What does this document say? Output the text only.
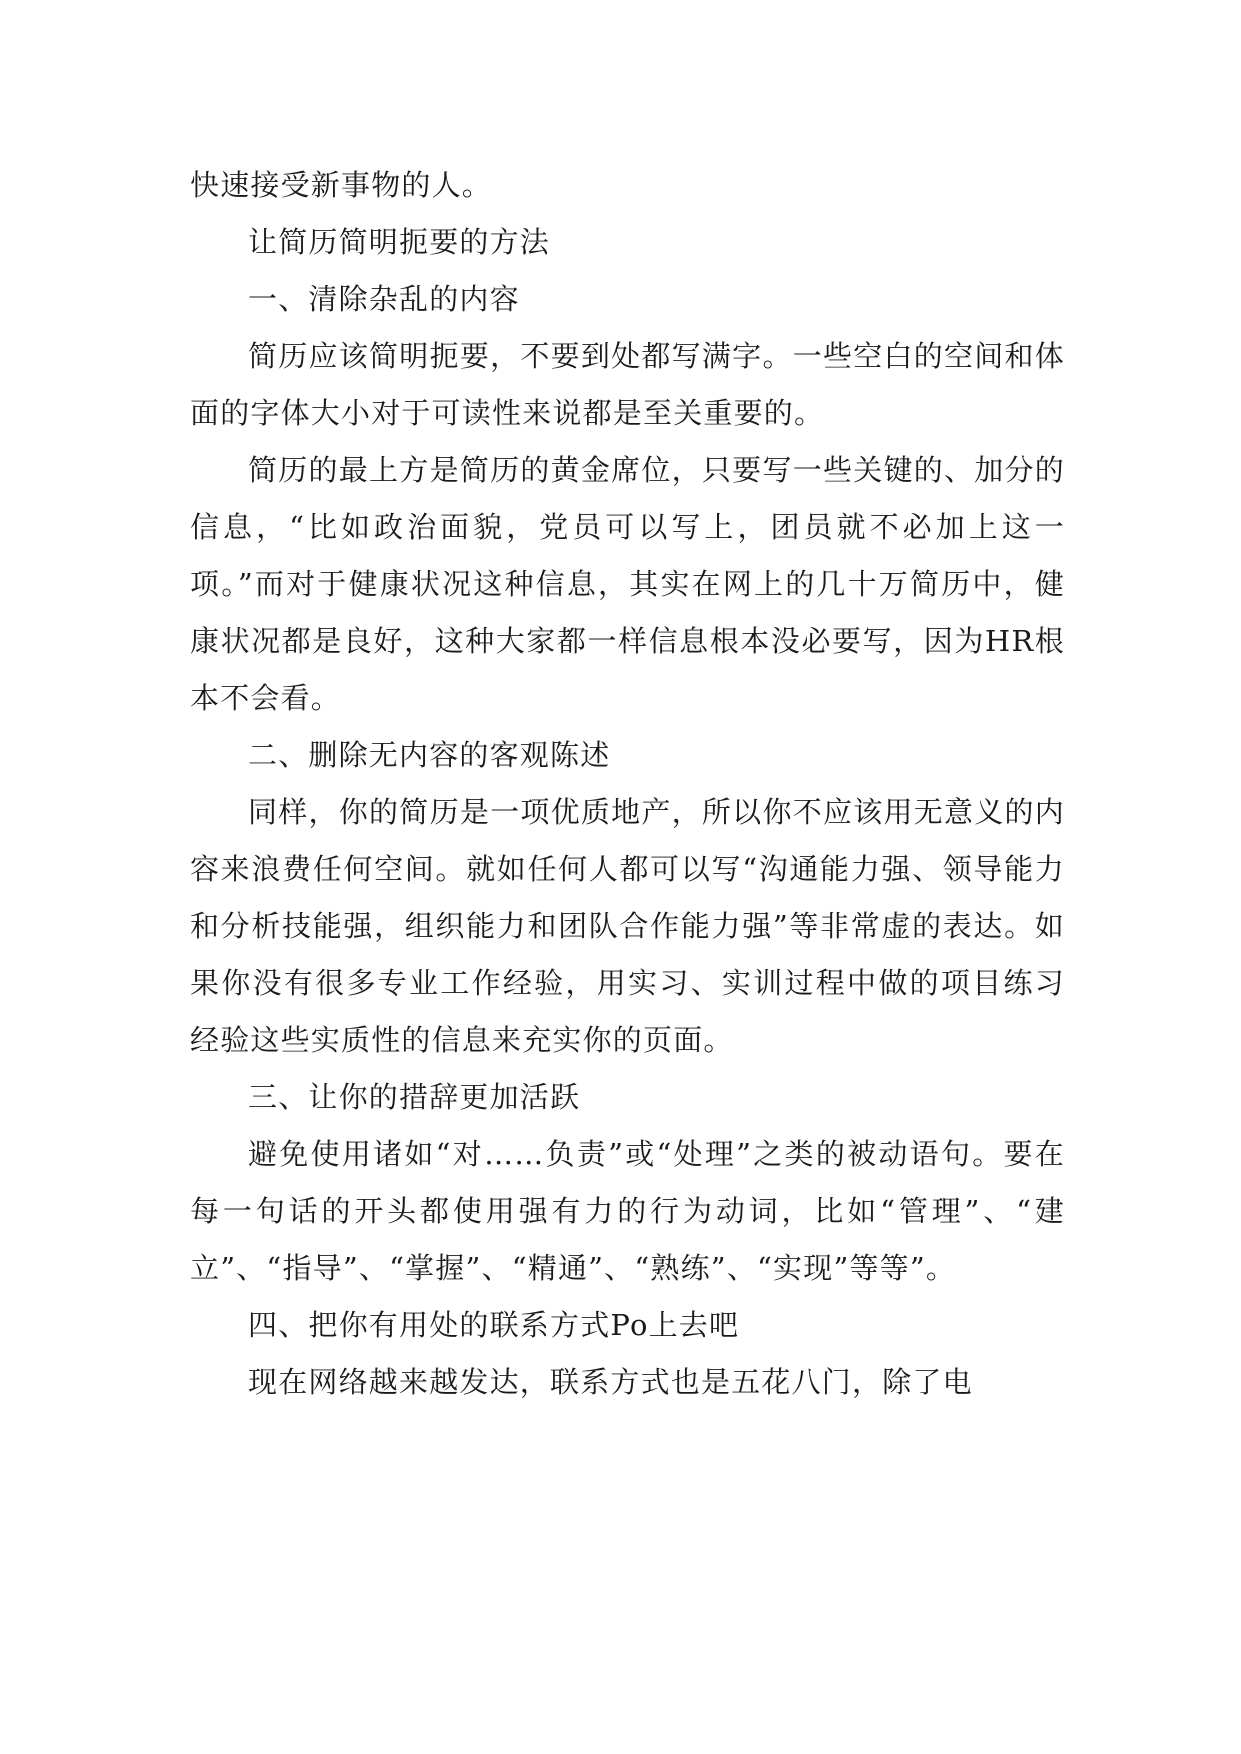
快速接受新事物的人。

让简历简明扼要的方法

一、清除杂乱的内容

简历应该简明扼要，不要到处都写满字。一些空白的空间和体面的字体大小对于可读性来说都是至关重要的。

简历的最上方是简历的黄金席位，只要写一些关键的、加分的信息，“比如政治面貌，党员可以写上，团员就不必加上这一项。”而对于健康状况这种信息，其实在网上的几十万简历中，健康状况都是良好，这种大家都一样信息根本没必要写，因为HR根本不会看。

二、删除无内容的客观陈述

同样，你的简历是一项优质地产，所以你不应该用无意义的内容来浪费任何空间。就如任何人都可以写“沟通能力强、领导能力和分析技能强，组织能力和团队合作能力强”等非常虚的表达。如果你没有很多专业工作经验，用实习、实训过程中做的项目练习经验这些实质性的信息来充实你的页面。

三、让你的措辞更加活跃

避免使用诸如“对……负责”或“处理”之类的被动语句。要在每一句话的开头都使用强有力的行为动词，比如“管理”、“建立”、“指导”、“掌握”、“精通”、“熟练”、“实现”等等”。

四、把你有用处的联系方式Po上去吧

现在网络越来越发达，联系方式也是五花八门，除了电
